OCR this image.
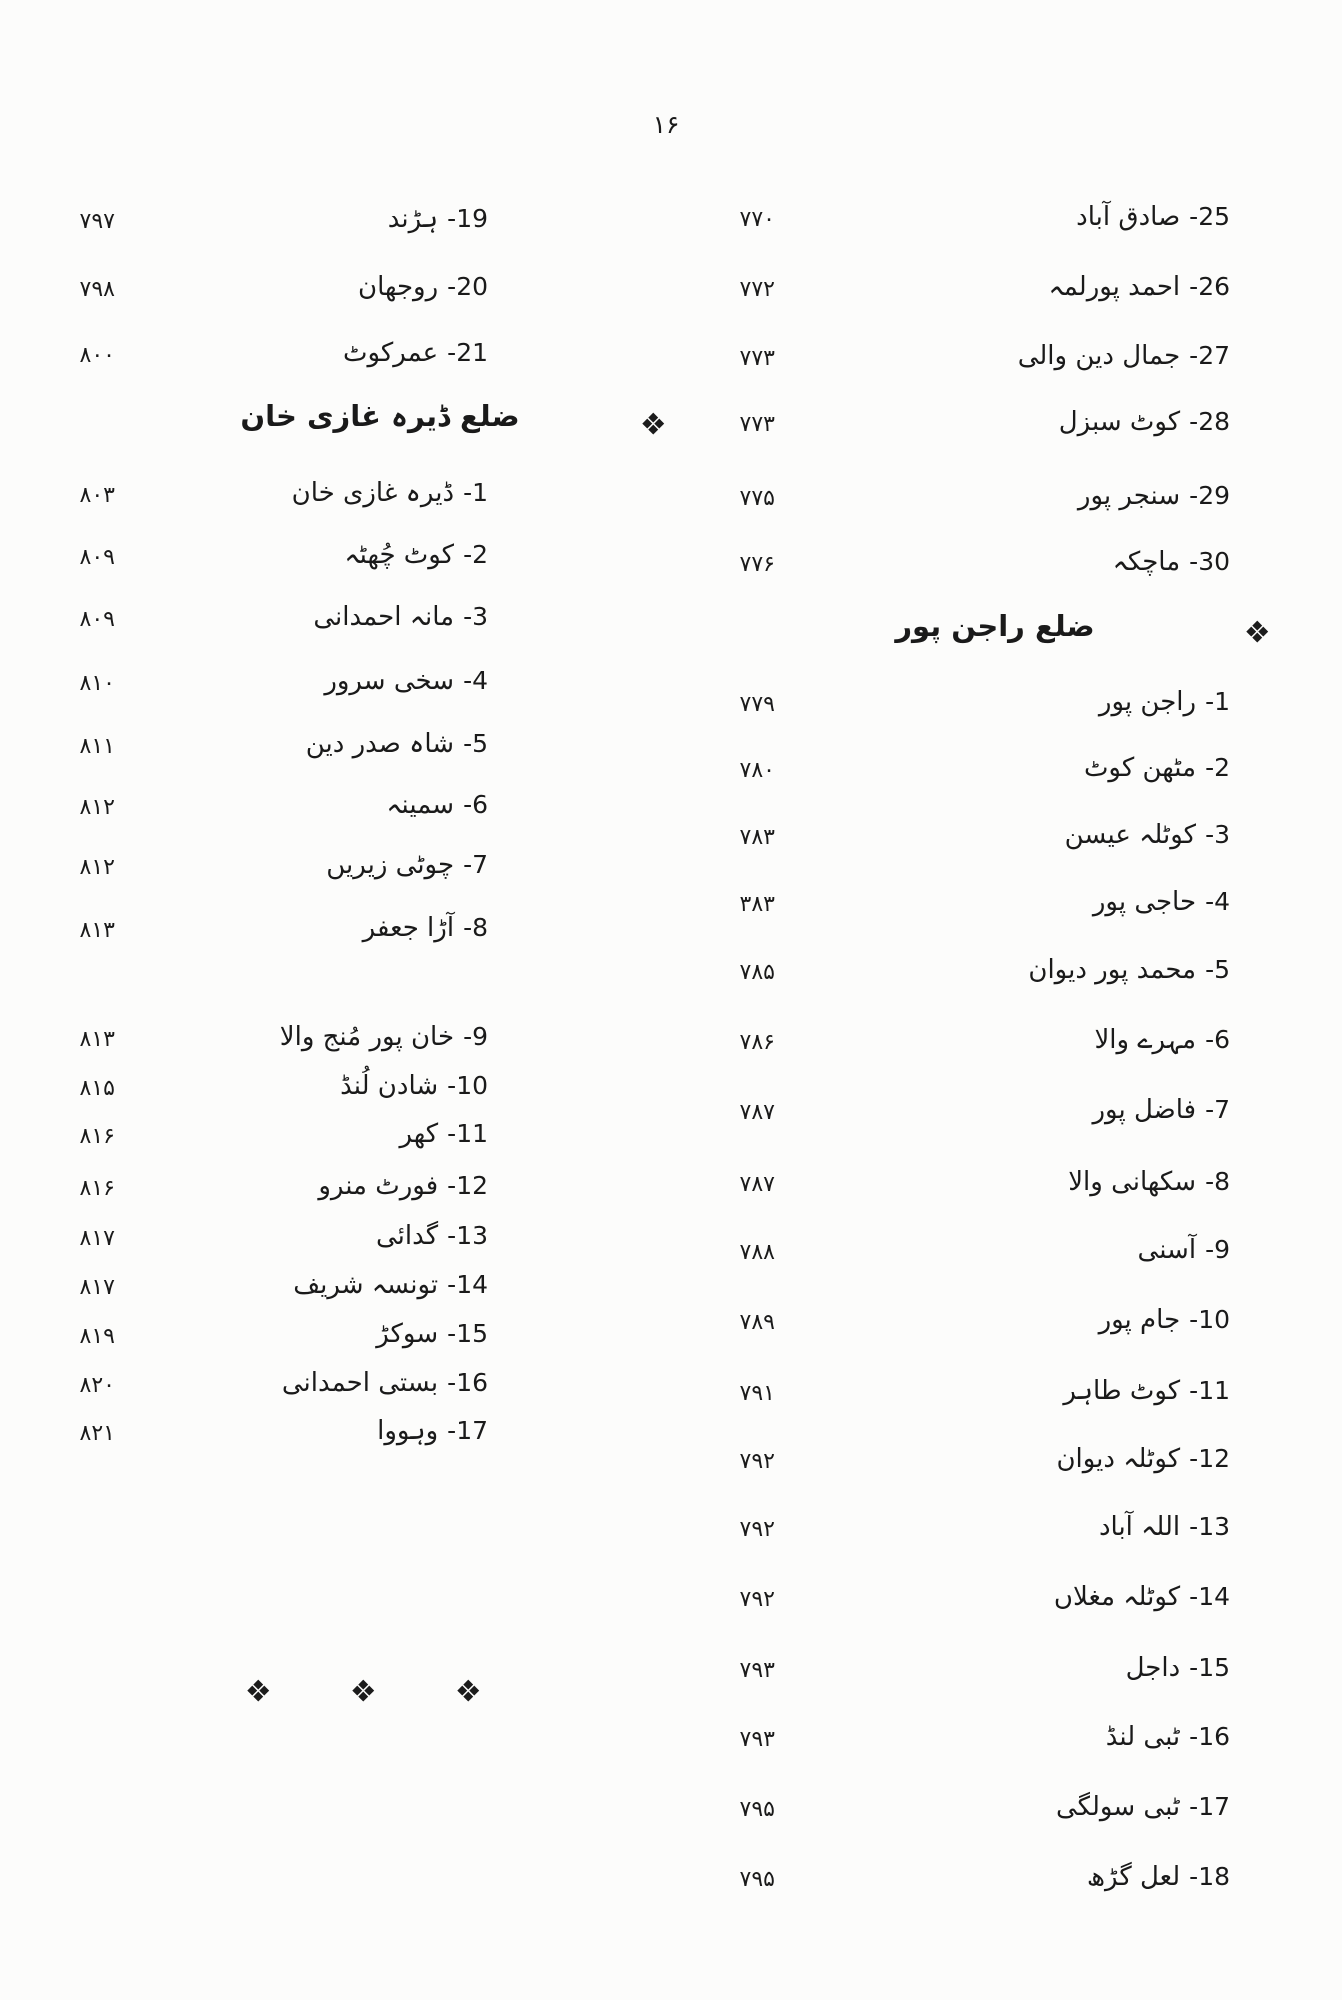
۱۶
ضلع راجن پور
ضلع ڈیرہ غازی خان
25-صادق آباد
۷۷۰
26-احمد پورلمہ
۷۷۲
27-جمال دین والی
۷۷۳
28-کوٹ سبزل
۷۷۳
29-سنجر پور
۷۷۵
30-ماچکہ
۷۷۶
1-راجن پور
۷۷۹
2-مٹھن کوٹ
۷۸۰
3-کوٹلہ عیسن
۷۸۳
4-حاجی پور
۳۸۳
5-محمد پور دیوان
۷۸۵
6-مہرے والا
۷۸۶
7-فاضل پور
۷۸۷
8-سکھانی والا
۷۸۷
9-آسنی
۷۸۸
10-جام پور
۷۸۹
11-کوٹ طاہر
۷۹۱
12-کوٹلہ دیوان
۷۹۲
13-اللہ آباد
۷۹۲
14-کوٹلہ مغلاں
۷۹۲
15-داجل
۷۹۳
16-ٹبی لنڈ
۷۹۳
17-ٹبی سولگی
۷۹۵
18-لعل گڑھ
۷۹۵
19-ہڑند
۷۹۷
20-روجھان
۷۹۸
21-عمرکوٹ
۸۰۰
1-ڈیرہ غازی خان
۸۰۳
2-کوٹ چُھٹہ
۸۰۹
3-مانہ احمدانی
۸۰۹
4-سخی سرور
۸۱۰
5-شاہ صدر دین
۸۱۱
6-سمینہ
۸۱۲
7-چوٹی زیریں
۸۱۲
8-آڑا جعفر
۸۱۳
9-خان پور مُنج والا
۸۱۳
10-شادن لُنڈ
۸۱۵
11-کھر
۸۱۶
12-فورٹ منرو
۸۱۶
13-گدائی
۸۱۷
14-تونسہ شریف
۸۱۷
15-سوکڑ
۸۱۹
16-بستی احمدانی
۸۲۰
17-وہووا
۸۲۱
